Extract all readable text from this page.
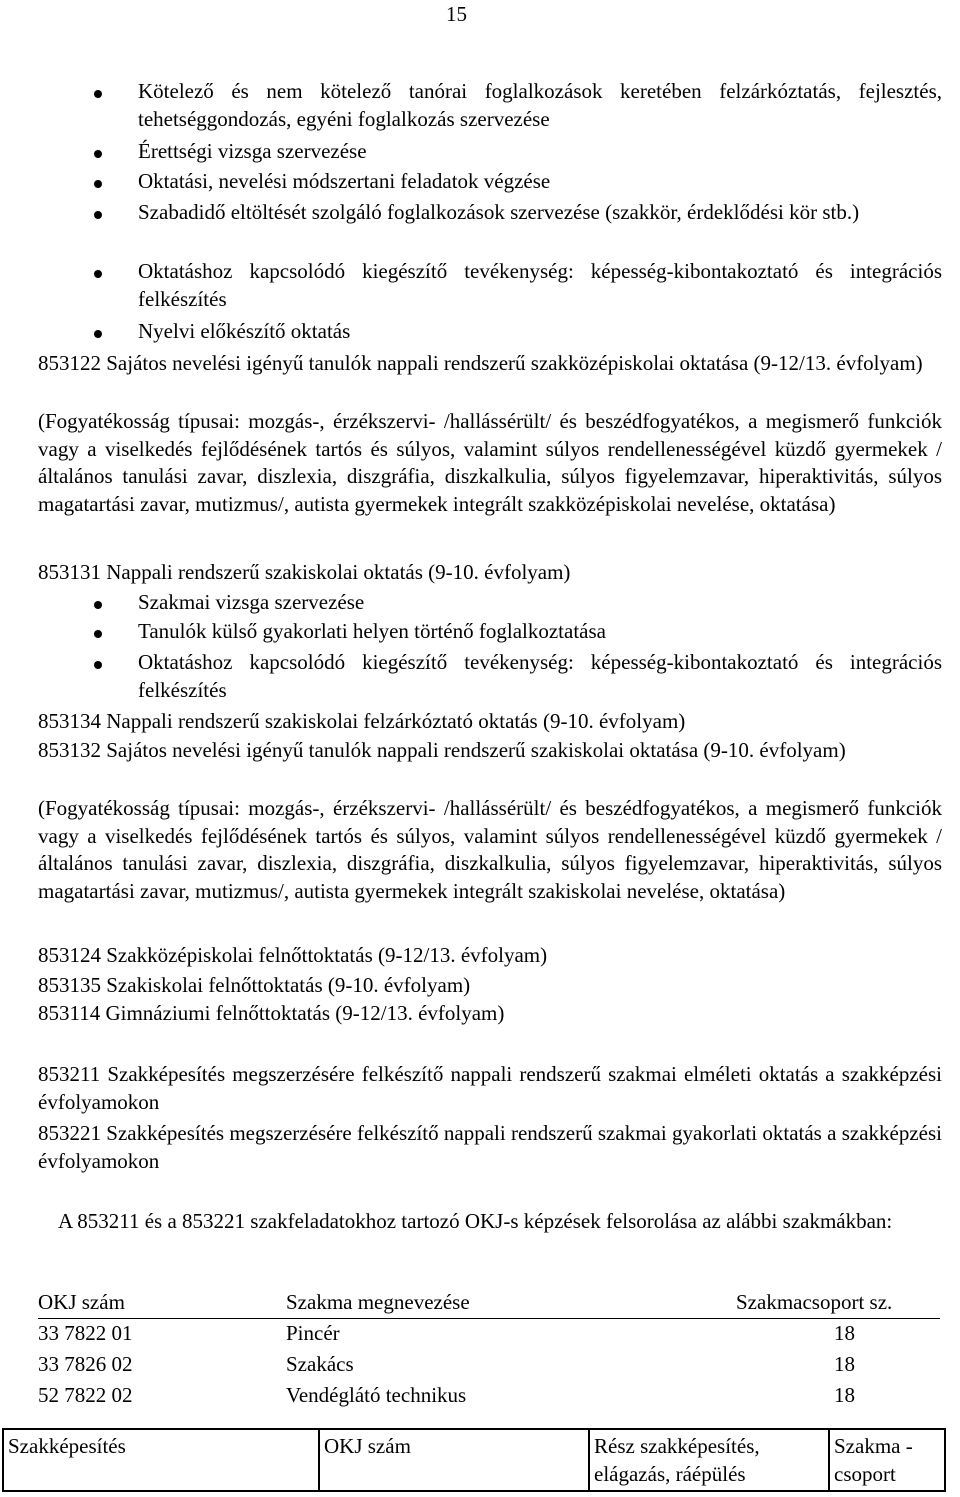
15
Kötelező és nem kötelező tanórai foglalkozások keretében felzárkóztatás, fejlesztés, tehetséggondozás, egyéni foglalkozás szervezése
Érettségi vizsga szervezése
Oktatási, nevelési módszertani feladatok végzése
Szabadidő eltöltését szolgáló foglalkozások szervezése (szakkör, érdeklődési kör stb.)
Oktatáshoz kapcsolódó kiegészítő tevékenység: képesség-kibontakoztató és integrációs felkészítés
Nyelvi előkészítő oktatás
853122 Sajátos nevelési igényű tanulók nappali rendszerű szakközépiskolai oktatása (9-12/13. évfolyam)
(Fogyatékosság típusai: mozgás-, érzékszervi- /hallássérült/ és beszédfogyatékos, a megismerő funkciók vagy a viselkedés fejlődésének tartós és súlyos, valamint súlyos rendellenességével küzdő gyermekek /általános tanulási zavar, diszlexia, diszgráfia, diszkalkulia, súlyos figyelemzavar, hiperaktivitás, súlyos magatartási zavar, mutizmus/, autista gyermekek integrált szakközépiskolai nevelése, oktatása)
853131 Nappali rendszerű szakiskolai oktatás (9-10. évfolyam)
Szakmai vizsga szervezése
Tanulók külső gyakorlati helyen történő foglalkoztatása
Oktatáshoz kapcsolódó kiegészítő tevékenység: képesség-kibontakoztató és integrációs felkészítés
853134 Nappali rendszerű szakiskolai felzárkóztató oktatás (9-10. évfolyam)
853132 Sajátos nevelési igényű tanulók nappali rendszerű szakiskolai oktatása (9-10. évfolyam)
(Fogyatékosság típusai: mozgás-, érzékszervi- /hallássérült/ és beszédfogyatékos, a megismerő funkciók vagy a viselkedés fejlődésének tartós és súlyos, valamint súlyos rendellenességével küzdő gyermekek /általános tanulási zavar, diszlexia, diszgráfia, diszkalkulia, súlyos figyelemzavar, hiperaktivitás, súlyos magatartási zavar, mutizmus/, autista gyermekek integrált szakiskolai nevelése, oktatása)
853124 Szakközépiskolai felnőttoktatás (9-12/13. évfolyam)
853135 Szakiskolai felnőttoktatás (9-10. évfolyam)
853114 Gimnáziumi felnőttoktatás (9-12/13. évfolyam)
853211 Szakképesítés megszerzésére felkészítő nappali rendszerű szakmai elméleti oktatás a szakképzési évfolyamokon
853221 Szakképesítés megszerzésére felkészítő nappali rendszerű szakmai gyakorlati oktatás a szakképzési évfolyamokon
A 853211 és a 853221 szakfeladatokhoz tartozó OKJ-s képzések felsorolása az alábbi szakmákban:
OKJ szám	Szakma megnevezése	Szakmacsoport sz.
33 7822 01	Pincér	18
33 7826 02	Szakács	18
52 7822 02	Vendéglátó technikus	18
Szakképesítés	OKJ szám	Rész szakképesítés, elágazás, ráépülés	Szakma -csoport
